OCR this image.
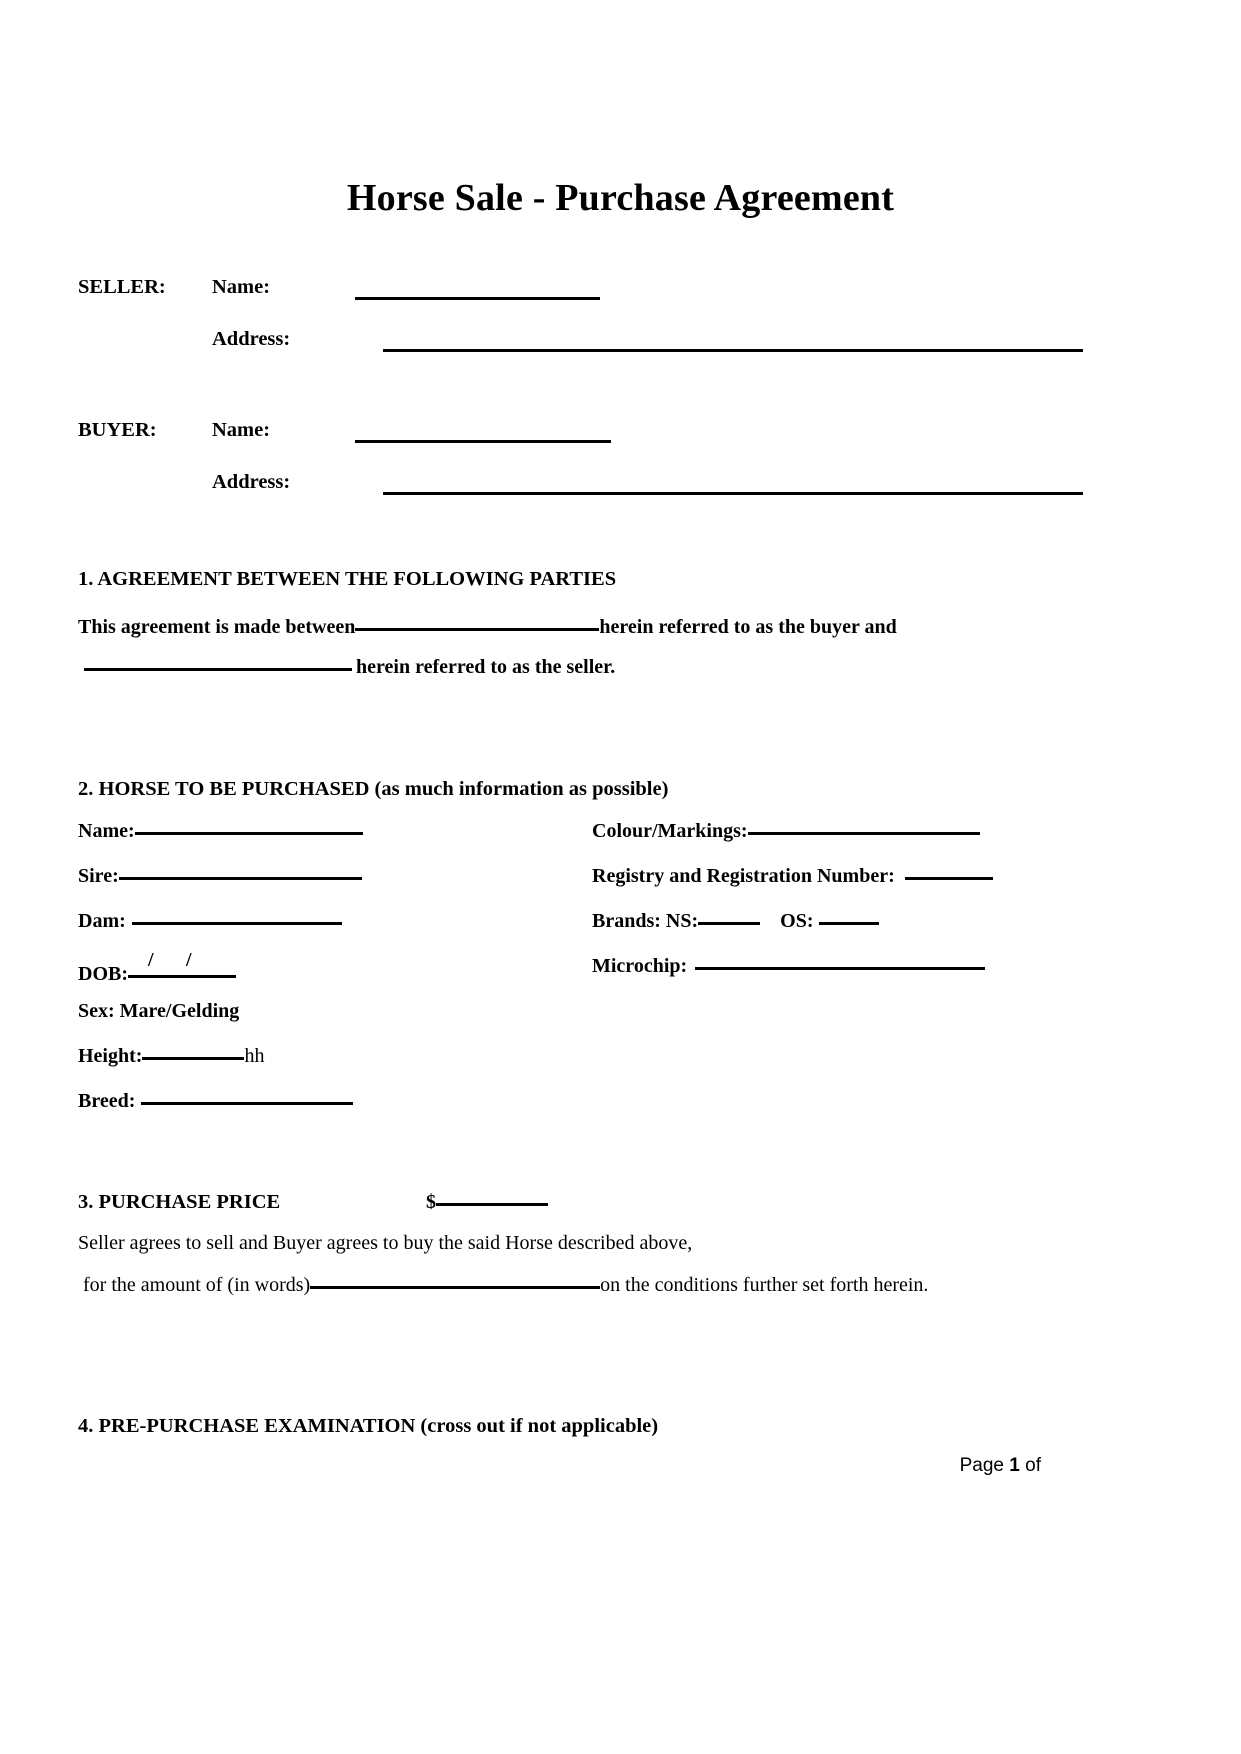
Horse Sale - Purchase Agreement
SELLER: Name:
Address:
BUYER:	Name:
Address:
1. AGREEMENT BETWEEN THE FOLLOWING PARTIES
This agreement is made between	herein referred to as the buyer and
herein referred to as the seller.
2. HORSE TO BE PURCHASED (as much information as possible)
Name:
Sire:
Dam:
DOB:
/ /
Sex: Mare/Gelding
Height:	hh
Breed:
Colour/Markings:
Registry and Registration Number:
Brands: NS:	OS:
Microchip:
3. PURCHASE PRICE	$
Seller agrees to sell and Buyer agrees to buy the said Horse described above,
for the amount of (in words)	on the conditions further set forth herein.
4. PRE-PURCHASE EXAMINATION (cross out if not applicable)
Page 1 of
